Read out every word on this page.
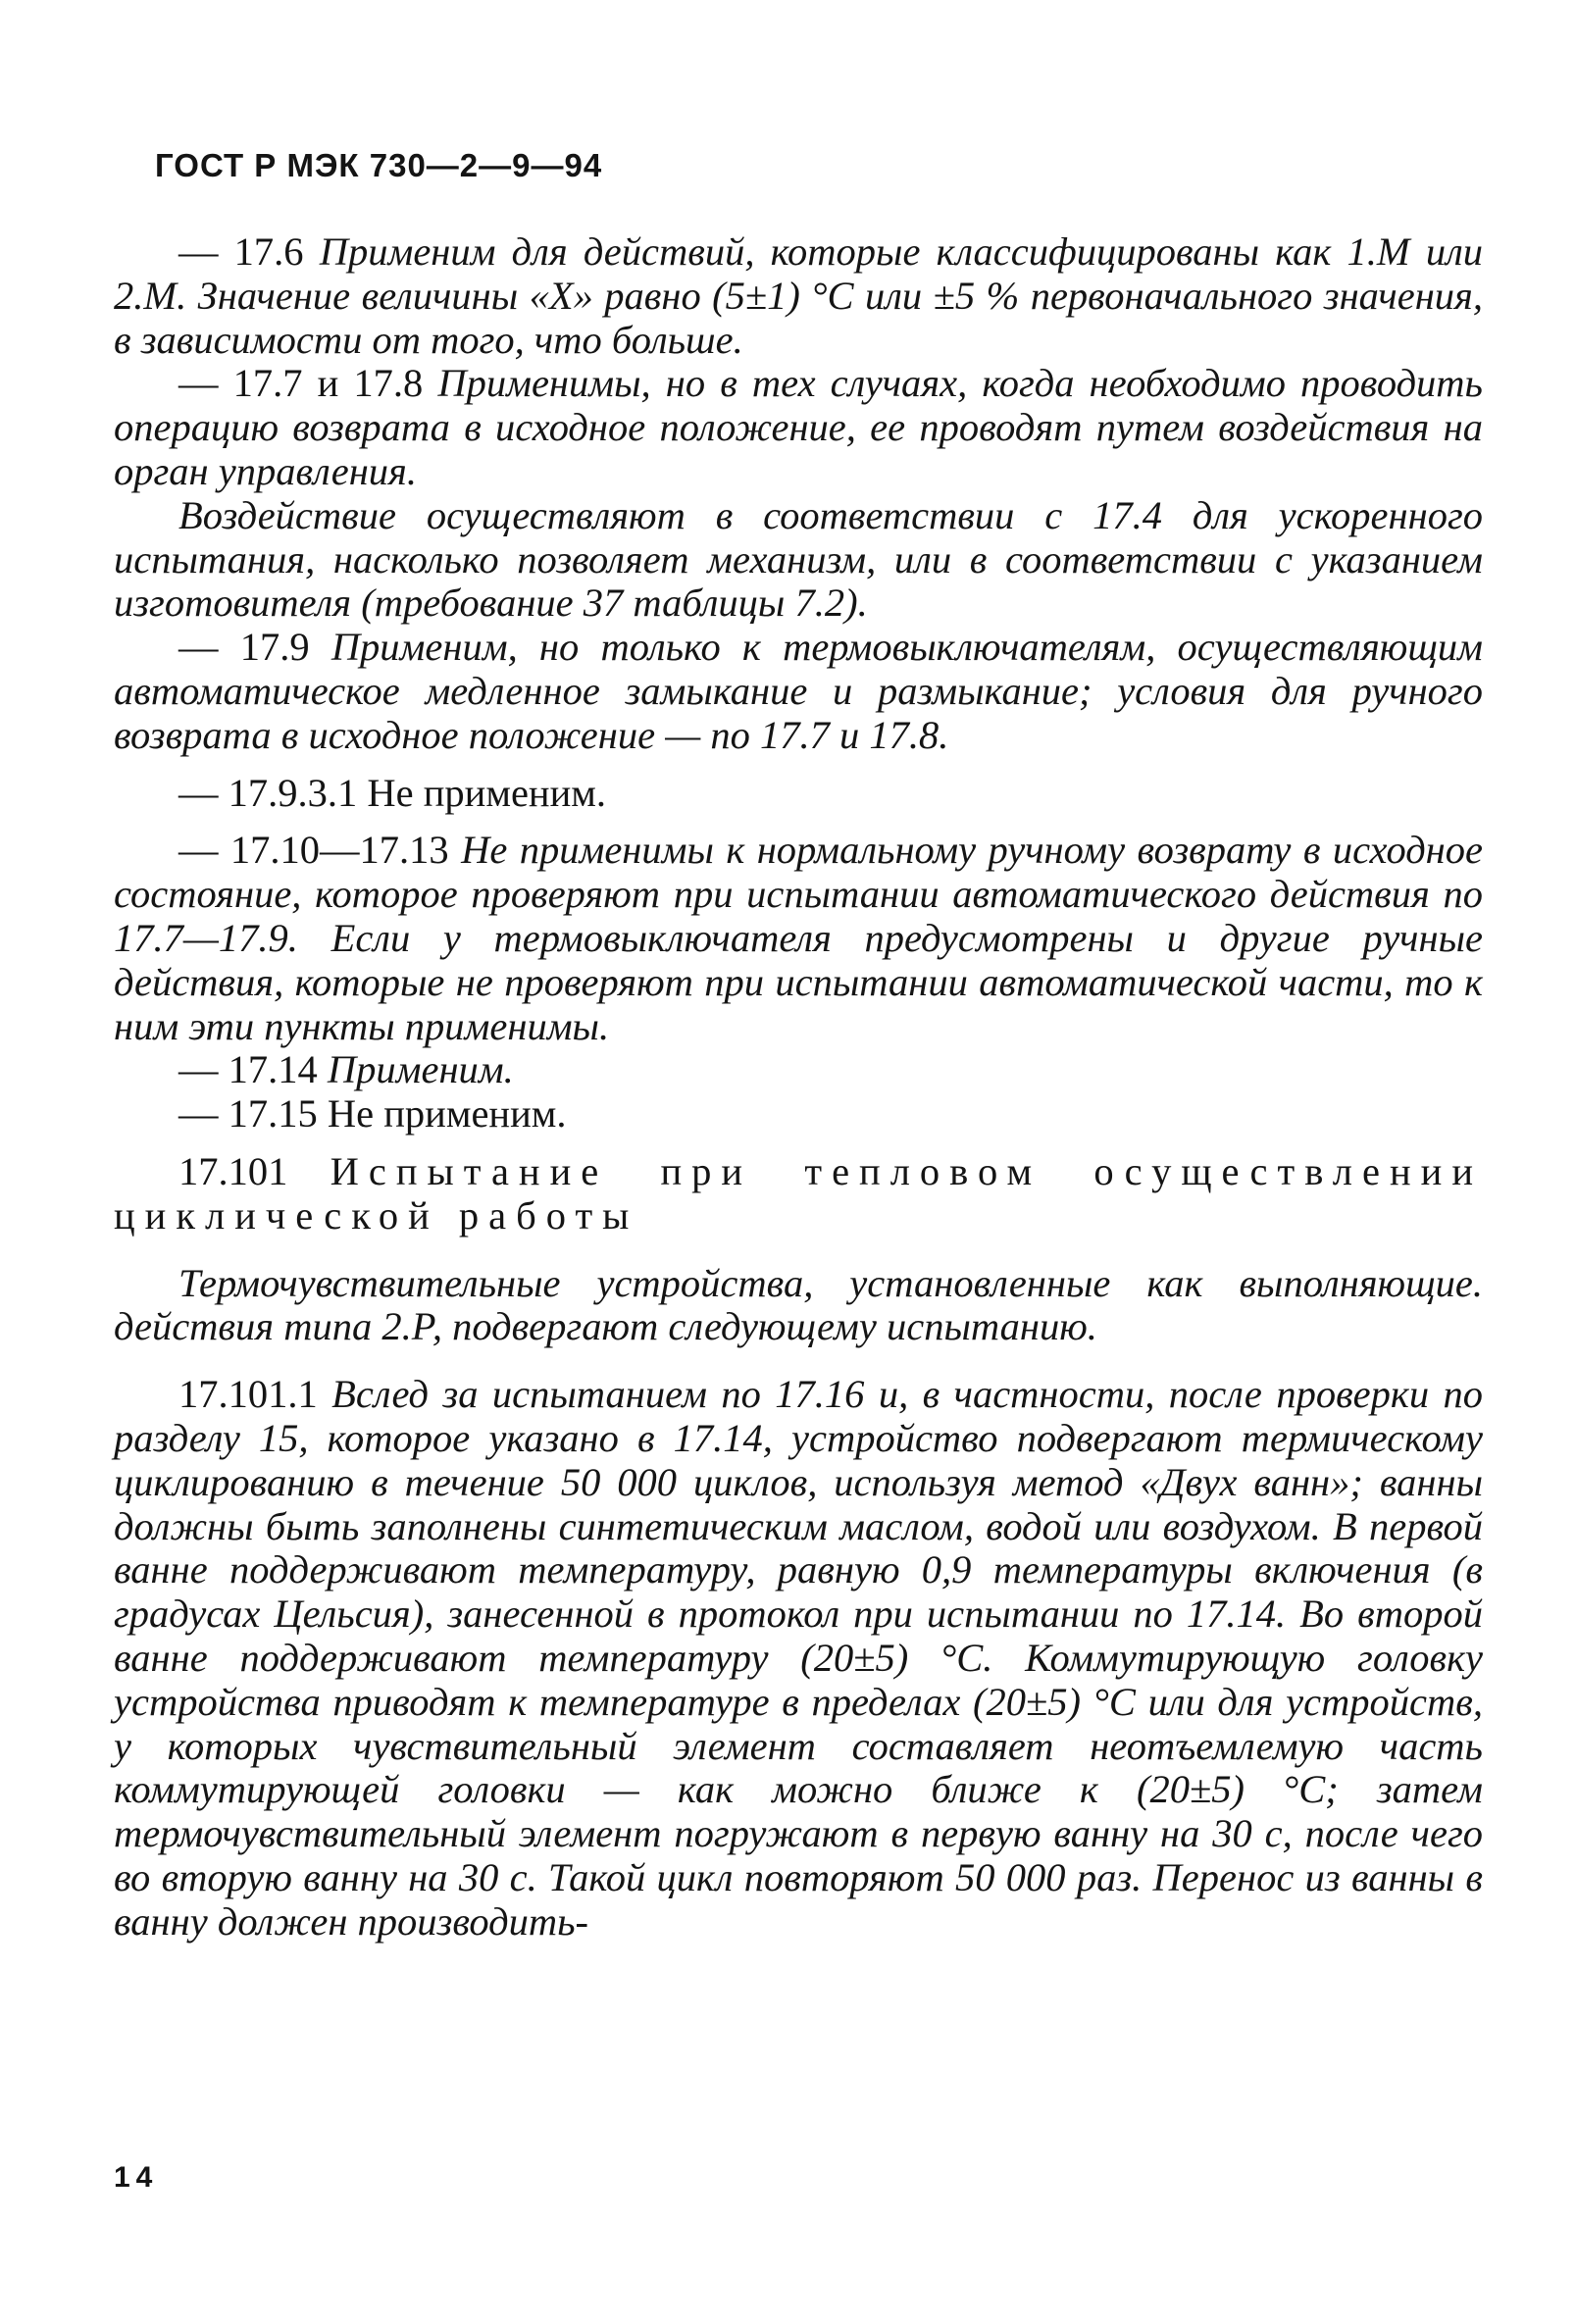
ГОСТ Р МЭК 730—2—9—94

— 17.6 Применим для действий, которые классифицированы как 1.М или 2.М. Значение величины «Х» равно (5±1) °С или ±5 % первоначального значения, в зависимости от того, что больше.

— 17.7 и 17.8 Применимы, но в тех случаях, когда необходимо проводить операцию возврата в исходное положение, ее проводят путем воздействия на орган управления.

Воздействие осуществляют в соответствии с 17.4 для ускоренного испытания, насколько позволяет механизм, или в соответствии с указанием изготовителя (требование 37 таблицы 7.2).

— 17.9 Применим, но только к термовыключателям, осуществляющим автоматическое медленное замыкание и размыкание; условия для ручного возврата в исходное положение — по 17.7 и 17.8.

— 17.9.3.1 Не применим.

— 17.10—17.13 Не применимы к нормальному ручному возврату в исходное состояние, которое проверяют при испытании автоматического действия по 17.7—17.9. Если у термовыключателя предусмотрены и другие ручные действия, которые не проверяют при испытании автоматической части, то к ним эти пункты применимы.

— 17.14 Применим.

— 17.15 Не применим.

17.101 Испытание при тепловом осуществлении циклической работы

Термочувствительные устройства, установленные как выполняющие. действия типа 2.Р, подвергают следующему испытанию.

17.101.1 Вслед за испытанием по 17.16 и, в частности, после проверки по разделу 15, которое указано в 17.14, устройство подвергают термическому циклированию в течение 50 000 циклов, используя метод «Двух ванн»; ванны должны быть заполнены синтетическим маслом, водой или воздухом. В первой ванне поддерживают температуру, равную 0,9 температуры включения (в градусах Цельсия), занесенной в протокол при испытании по 17.14. Во второй ванне поддерживают температуру (20±5) °С. Коммутирующую головку устройства приводят к температуре в пределах (20±5) °С или для устройств, у которых чувствительный элемент составляет неотъемлемую часть коммутирующей головки — как можно ближе к (20±5) °С; затем термочувствительный элемент погружают в первую ванну на 30 с, после чего во вторую ванну на 30 с. Такой цикл повторяют 50 000 раз. Перенос из ванны в ванну должен производить-

14
